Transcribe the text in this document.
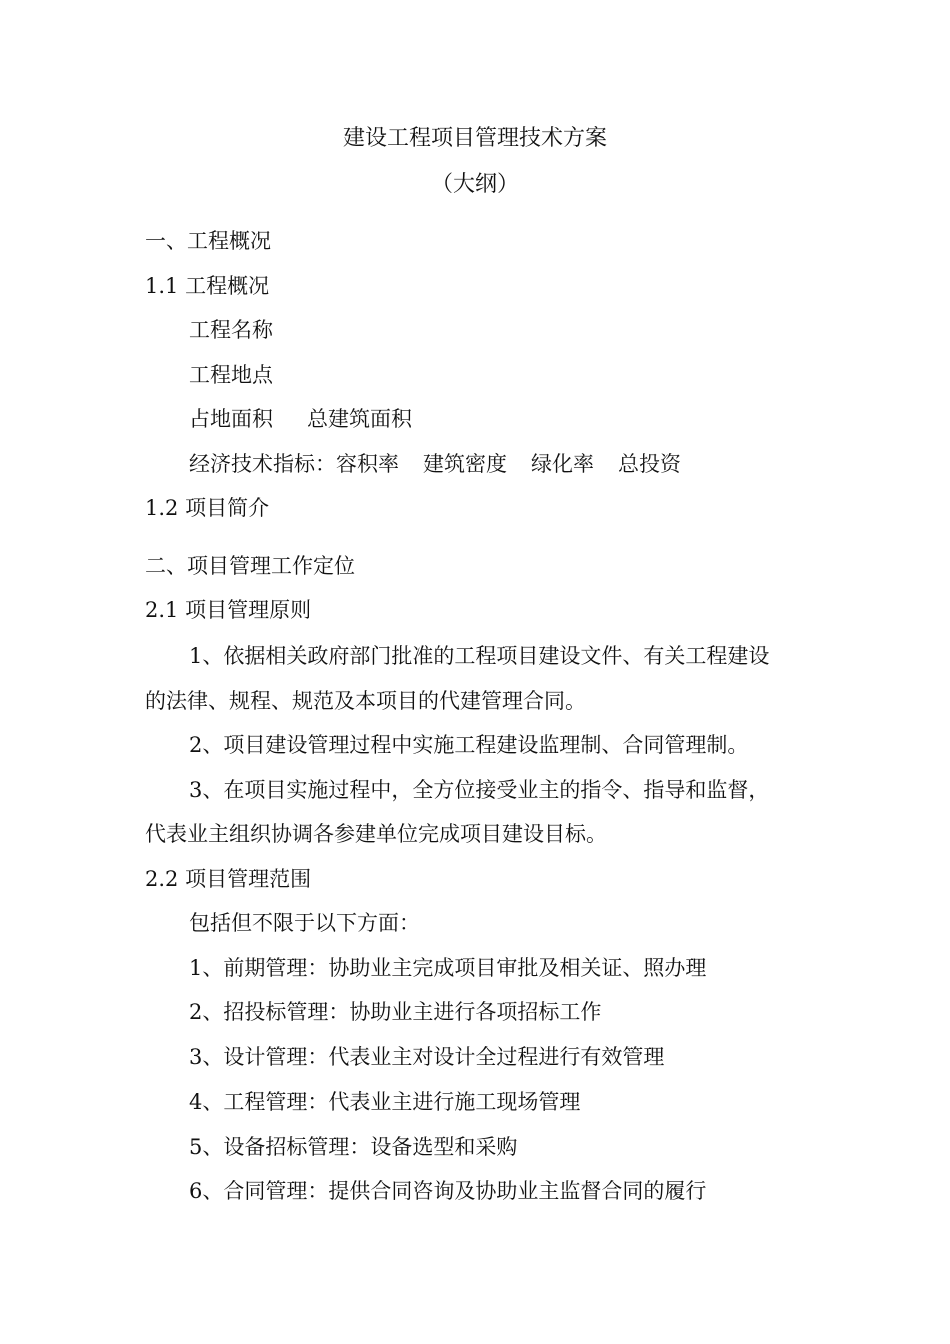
建设工程项目管理技术方案
（大纲）
一、工程概况
1.1 工程概况
工程名称
工程地点
占地面积 总建筑面积
经济技术指标：容积率 建筑密度 绿化率 总投资
1.2 项目简介
二、项目管理工作定位
2.1 项目管理原则
1、依据相关政府部门批准的工程项目建设文件、有关工程建设
的法律、规程、规范及本项目的代建管理合同。
2、项目建设管理过程中实施工程建设监理制、合同管理制。
3、在项目实施过程中，全方位接受业主的指令、指导和监督，
代表业主组织协调各参建单位完成项目建设目标。
2.2 项目管理范围
包括但不限于以下方面：
1、前期管理：协助业主完成项目审批及相关证、照办理
2、招投标管理：协助业主进行各项招标工作
3、设计管理：代表业主对设计全过程进行有效管理
4、工程管理：代表业主进行施工现场管理
5、设备招标管理：设备选型和采购
6、合同管理：提供合同咨询及协助业主监督合同的履行
